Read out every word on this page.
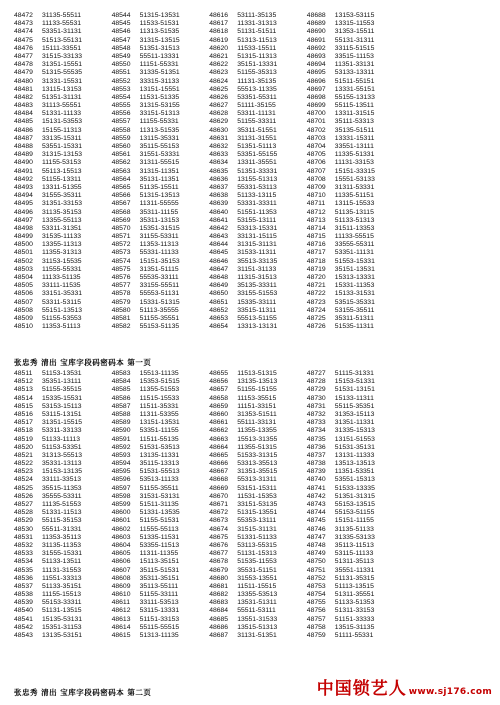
48472	31135-55511
48473	11133-55531
48474	53351-31131
48475	51513-55131
48476	15111-33551
48477	31515-33133
48478	31351-15551
48479	51315-55535
48480	31331-15531
48481	13115-13153
48482	51351-31131
48483	31113-55551
48484	51331-11133
48485	15131-53553
48486	15155-11313
48487	33135-15311
48488	53551-15331
48489	31315-13153
48490	11155-53153
48491	55113-15513
48492	51155-13311
48493	13311-51355
48494	31555-35311
48495	31351-33153
48496	31135-35153
48497	13355-55113
48498	53311-31351
48499	31535-11133
48500	13355-11313
48501	11355-31313
48502	31153-15535
48503	11555-55331
48504	11133-51135
48505	33111-11535
48506	33151-35331
48507	53311-53115
48508	55151-13513
48509	51155-53553
48510	11353-51113
48544	51315-13531
48545	11533-51531
48546	11313-51535
48547	31315-13515
48548	51351-31513
48549	55511-13331
48550	11151-55331
48551	31335-51351
48552	33315-31133
48553	13151-15551
48554	11531-51335
48555	31315-53155
48556	33151-51313
48557	11155-55331
48558	11313-51535
48559	13115-35331
48560	35115-55153
48561	31551-53331
48562	31311-55515
48563	31315-11351
48564	35131-11351
48565	51135-15511
48566	51315-13513
48567	11311-55555
48568	35311-11155
48569	35311-13153
48570	15351-31515
48571	31155-53311
48572	11353-11313
48573	55331-11133
48574	15151-35153
48575	31351-51115
48576	55535-33111
48577	33155-55511
48578	55553-51131
48579	15331-51315
48580	51113-35555
48581	51155-35551
48582	55153-51135
48616	53111-35135
48617	11331-31313
48618	51131-51511
48619	51313-11513
48620	11533-15511
48621	51315-11313
48622	35151-13331
48623	51155-35313
48624	11131-35135
48625	55513-11335
48626	53351-55311
48627	51111-35155
48628	53311-11131
48629	51155-33311
48630	35311-51551
48631	31131-31551
48632	51351-51113
48633	53351-55155
48634	13311-35551
48635	51351-33331
48636	13155-51313
48637	55331-53113
48638	51133-13115
48639	53331-33311
48640	51551-11353
48641	53155-13111
48642	53313-15331
48643	33131-15115
48644	31315-31131
48645	31533-11311
48646	35513-33135
48647	31151-31133
48648	11315-31513
48649	35135-33311
48650	33155-51553
48651	15335-33111
48652	33515-11311
48653	55513-51155
48654	13313-13131
48688	13153-53115
48689	13315-11553
48690	31353-15511
48691	55131-31311
48692	33115-51515
48693	33515-11153
48694	11351-33131
48695	53133-13311
48696	51511-55151
48697	13331-55151
48698	55155-13133
48699	55115-13511
48700	13311-31515
48701	35111-53313
48702	35135-51511
48703	13331-15311
48704	33551-13111
48705	11335-51331
48706	11131-33153
48707	15151-33315
48708	15551-53133
48709	31311-53331
48710	11335-51151
48711	13115-15533
48712	51135-13115
48713	51133-51313
48714	31511-13353
48715	11133-55515
48716	33555-55311
48717	53351-11131
48718	51553-15331
48719	35151-13531
48720	15313-13331
48721	15331-11353
48722	15133-31531
48723	53515-35331
48724	53155-35511
48725	35311-51311
48726	51535-11311
张忠秀 清出 宝库字段码密码本 第一页
48511	51153-13531
48512	35351-13111
48513	51155-35515
48514	15335-15531
48515	53153-15113
48516	53115-13151
48517	31351-15515
48518	53311-33133
48519	51133-11113
48520	51153-53351
48521	31313-55513
48522	35331-13113
48523	15153-13135
48524	33111-33513
48525	35515-11353
48526	35555-53311
48527	11135-51553
48528	51331-11513
48529	55115-35153
48530	55511-31331
48531	11353-35113
48532	31135-11353
48533	31555-15331
48534	51133-13511
48535	11131-31553
48536	11551-33313
48537	51133-35151
48538	11155-15513
48539	55153-33311
48540	51131-13515
48541	15135-53131
48542	15351-31153
48543	13135-53151
48583	15513-11135
48584	15353-51515
48585	11355-51553
48586	11515-15533
48587	11511-35331
48588	11311-53355
48589	13151-13531
48590	53351-11155
48591	11511-55135
48592	51531-53513
48593	13135-11331
48594	35115-13313
48595	51531-55513
48596	53513-11133
48597	51155-35511
48598	31531-53131
48599	51511-31135
48600	51331-13535
48601	51155-51531
48602	11555-55113
48603	51335-11531
48604	53355-11513
48605	11311-11355
48606	15113-35151
48607	35115-51531
48608	35311-35151
48609	35113-55111
48610	51155-33111
48611	33111-53513
48612	53115-13331
48613	51151-33153
48614	55115-55515
48615	51313-11135
48655	11513-51315
48656	13135-13513
48657	51155-15155
48658	11153-35515
48659	11151-33151
48660	31353-51511
48661	55111-33131
48662	11355-13355
48663	15513-31355
48664	11355-51315
48665	51533-31315
48666	53313-35513
48667	31351-35515
48668	55313-31311
48669	53151-15311
48670	11531-15353
48671	33151-53135
48672	51315-13551
48673	55353-13111
48674	31515-31131
48675	51331-51133
48676	53113-55315
48677	51131-15313
48678	51535-11553
48679	35531-51151
48680	31553-13551
48681	11511-15515
48682	13355-53513
48683	13531-51311
48684	55511-53111
48685	13551-31533
48686	13515-51313
48687	31131-51351
48727	51115-31331
48728	15153-51331
48729	51531-13151
48730	15133-11311
48731	55115-35351
48732	31353-15113
48733	31351-11331
48734	31335-15313
48735	13151-51553
48736	51531-35131
48737	13131-11333
48738	13513-13513
48739	11351-53351
48740	53551-15313
48741	51533-13335
48742	51351-31315
48743	55153-13515
48744	55153-51155
48745	15151-11155
48746	31135-51133
48747	31335-53133
48748	35113-11513
48749	53115-11133
48750	51311-35113
48751	35551-11331
48752	51131-35315
48753	51113-13515
48754	51311-35551
48755	51133-51353
48756	51311-33153
48757	51151-33333
48758	13515-31135
48759	51111-55331
张忠秀 清出 宝库字段码密码本 第二页	中国锁艺人 www.sj176.com
